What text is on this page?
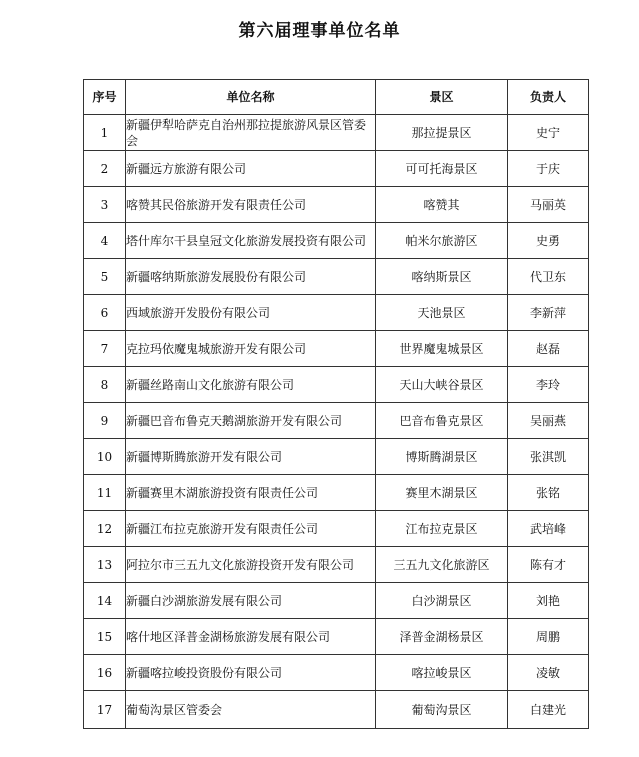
第六届理事单位名单
序号	单位名称	景区	负责人
1	新疆伊犁哈萨克自治州那拉提旅游风景区管委会	那拉提景区	史宁
2	新疆远方旅游有限公司	可可托海景区	于庆
3	喀赞其民俗旅游开发有限责任公司	喀赞其	马丽英
4	塔什库尔干县皇冠文化旅游发展投资有限公司	帕米尔旅游区	史勇
5	新疆喀纳斯旅游发展股份有限公司	喀纳斯景区	代卫东
6	西域旅游开发股份有限公司	天池景区	李新萍
7	克拉玛依魔鬼城旅游开发有限公司	世界魔鬼城景区	赵磊
8	新疆丝路南山文化旅游有限公司	天山大峡谷景区	李玲
9	新疆巴音布鲁克天鹅湖旅游开发有限公司	巴音布鲁克景区	吴丽燕
10	新疆博斯腾旅游开发有限公司	博斯腾湖景区	张淇凯
11	新疆赛里木湖旅游投资有限责任公司	赛里木湖景区	张铭
12	新疆江布拉克旅游开发有限责任公司	江布拉克景区	武培峰
13	阿拉尔市三五九文化旅游投资开发有限公司	三五九文化旅游区	陈有才
14	新疆白沙湖旅游发展有限公司	白沙湖景区	刘艳
15	喀什地区泽普金湖杨旅游发展有限公司	泽普金湖杨景区	周鹏
16	新疆喀拉峻投资股份有限公司	喀拉峻景区	凌敏
17	葡萄沟景区管委会	葡萄沟景区	白建光
